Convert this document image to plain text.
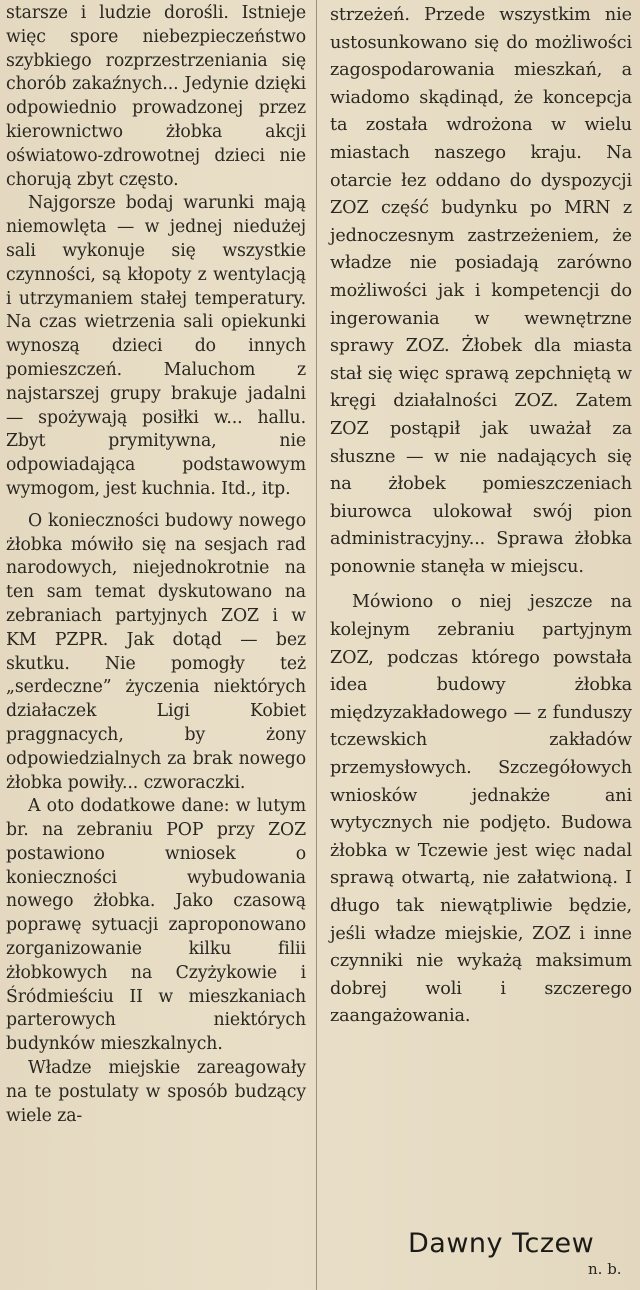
starsze i ludzie dorośli. Istnieje więc spore niebezpieczeństwo szybkiego rozprzestrzeniania się chorób zakaźnych... Jedynie dzięki odpowiednio prowadzonej przez kierownictwo żłobka akcji oświatowo-zdrowotnej dzieci nie chorują zbyt często.

Najgorsze bodaj warunki mają niemowlęta — w jednej niedużej sali wykonuje się wszystkie czynności, są kłopoty z wentylacją i utrzymaniem stałej temperatury. Na czas wietrzenia sali opiekunki wynoszą dzieci do innych pomieszczeń. Maluchom z najstarszej grupy brakuje jadalni — spożywają posiłki w... hallu. Zbyt prymitywna, nie odpowiadająca podstawowym wymogom, jest kuchnia. Itd., itp.

O konieczności budowy nowego żłobka mówiło się na sesjach rad narodowych, niejednokrotnie na ten sam temat dyskutowano na zebraniach partyjnych ZOZ i w KM PZPR. Jak dotąd — bez skutku. Nie pomogły też „serdeczne” życzenia niektórych działaczek Ligi Kobiet praggnacych, by żony odpowiedzialnych za brak nowego żłobka powiły... czworaczki.

A oto dodatkowe dane: w lutym br. na zebraniu POP przy ZOZ postawiono wniosek o konieczności wybudowania nowego żłobka. Jako czasową poprawę sytuacji zaproponowano zorganizowanie kilku filii żłobkowych na Czyżykowie i Śródmieściu II w mieszkaniach parterowych niektórych budynków mieszkalnych.

Władze miejskie zareagowały na te postulaty w sposób budzący wiele za-

strzeżeń. Przede wszystkim nie ustosunkowano się do możliwości zagospodarowania mieszkań, a wiadomo skądinąd, że koncepcja ta została wdrożona w wielu miastach naszego kraju. Na otarcie łez oddano do dyspozycji ZOZ część budynku po MRN z jednoczesnym zastrzeżeniem, że władze nie posiadają zarówno możliwości jak i kompetencji do ingerowania w wewnętrzne sprawy ZOZ. Żłobek dla miasta stał się więc sprawą zepchniętą w kręgi działalności ZOZ. Zatem ZOZ postąpił jak uważał za słuszne — w nie nadających się na żłobek pomieszczeniach biurowca ulokował swój pion administracyjny... Sprawa żłobka ponownie stanęła w miejscu.

Mówiono o niej jeszcze na kolejnym zebraniu partyjnym ZOZ, podczas którego powstała idea budowy żłobka międzyzakładowego — z funduszy tczewskich zakładów przemysłowych. Szczegółowych wniosków jednakże ani wytycznych nie podjęto. Budowa żłobka w Tczewie jest więc nadal sprawą otwartą, nie załatwioną. I długo tak niewątpliwie będzie, jeśli władze miejskie, ZOZ i inne czynniki nie wykażą maksimum dobrej woli i szczerego zaangażowania.

Dawny Tczew
n. b.
